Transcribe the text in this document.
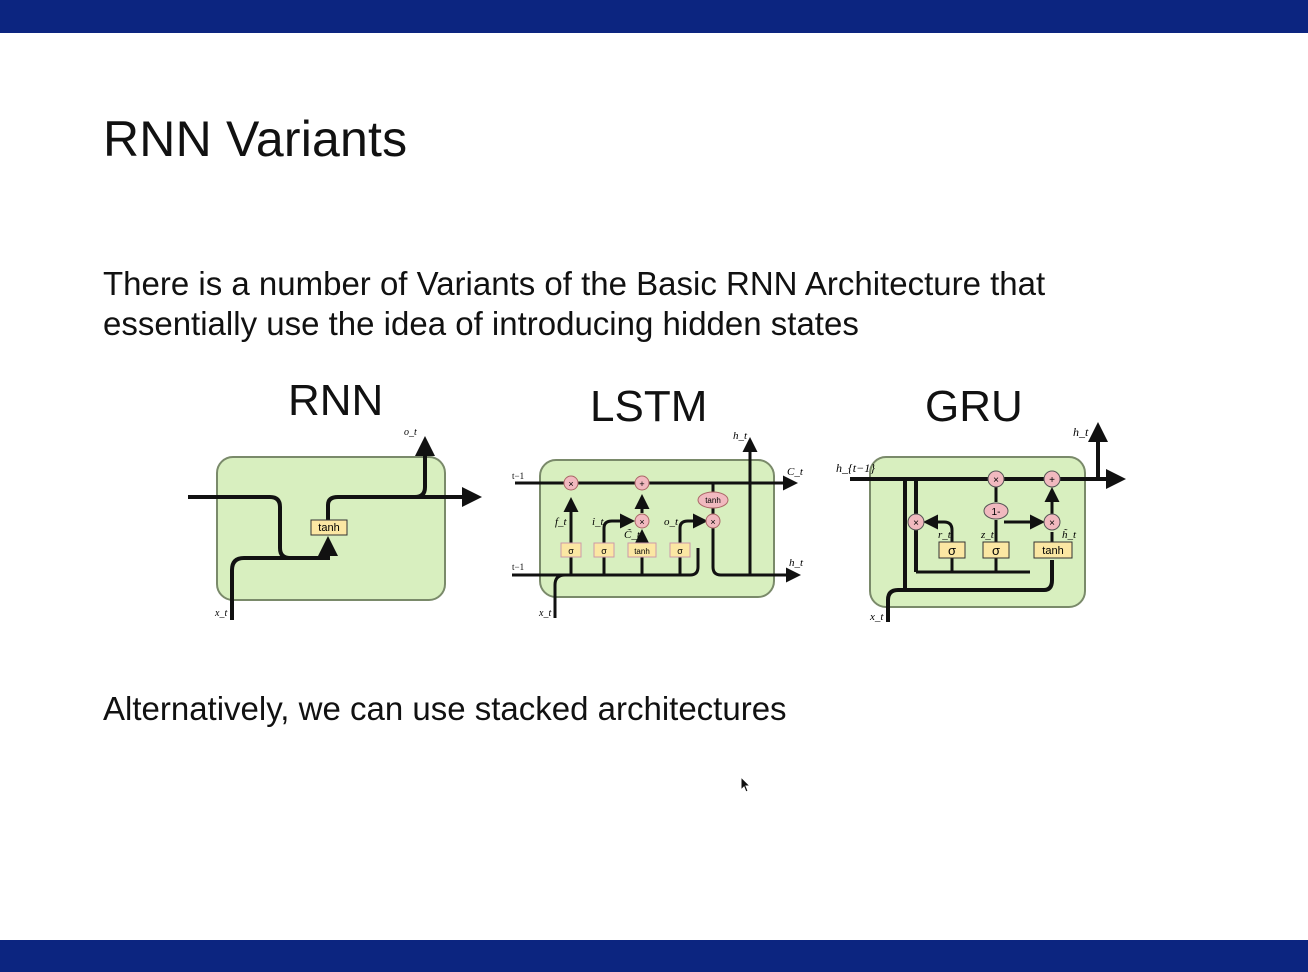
RNN Variants
There is a number of Variants of the Basic RNN Architecture that
essentially use the idea of introducing hidden states
RNN	LSTM	GRU
tanh
x_t
o_t
×	+
×	×
tanh
σ	σ	tanh	σ
f_t i_t
C̃_t
o_t
h_t
h_t
C_t
x_t
t−1
t−1
×
×	+
×
1-
σ	σ	tanh
r_t	z_t	h̃_t
h_{t−1}
h_t
x_t
Alternatively, we can use stacked architectures
